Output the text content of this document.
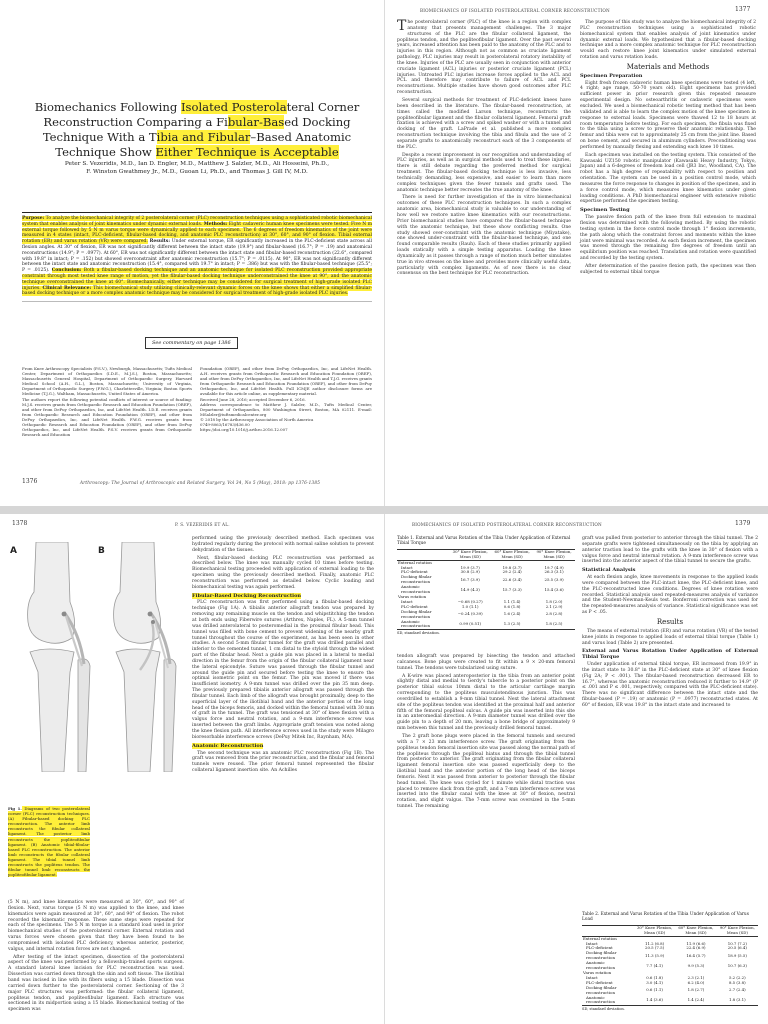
BIOMECHANICS OF ISOLATED POSTEROLATERAL CORNER RECONSTRUCTION	1377
Biomechanics Following Isolated Posterolateral Corner Reconstruction Comparing a Fibular-Based Docking Technique With a Tibia and Fibular–Based Anatomic Technique Show Either Technique is Acceptable
Peter S. Vezeridis, M.D., Ian D. Engler, M.D., Matthew J. Salzler, M.D., Ali Hosseini, Ph.D.,
F. Winston Gwathmey Jr., M.D., Guoan Li, Ph.D., and Thomas J. Gill IV, M.D.
Purpose: To analyze the biomechanical integrity of 2 posterolateral corner (PLC) reconstruction techniques using a sophisticated robotic biomechanical system that enables analysis of joint kinematics under dynamic external loads. Methods: Eight cadaveric human knee specimens were tested. Five N m external torque followed by 5 N m varus torque were dynamically applied to each specimen. The 6 degrees of freedom kinematics of the joint were measured in 4 states (intact, PLC-deficient, fibular-based docking, and anatomic PLC reconstruction) at 30°, 60°, and 90° of flexion. Tibial external rotation (ER) and varus rotation (VR) were compared. Results: Under external torque, ER significantly increased in the PLC-deficient state across all flexion angles. At 30° of flexion, ER was not significantly different between the intact state (19.9°) and fibular-based (16.7°; P = .19) and anatomical reconstructions (14.9°; P = .0977). At 60°, ER was not significantly different between the intact state and fibular-based reconstruction (22.6°, compared with 19.8° in intact; P = .152) but showed overconstraint after anatomic reconstruction (15.7°; P = .0115). At 90°, ER was not significantly different between the intact state and anatomic reconstruction (15.4°, compared with 19.7° in intact; P = .386) but was with the fibular-based technique (25.5°; P = .0125). Conclusion: Both a fibular-based docking technique and an anatomic technique for isolated PLC reconstruction provided appropriate constraint through most tested knee range of motion, yet the fibular-based docking technique underconstrained the knee at 90°, and the anatomic technique overconstrained the knee at 60°. Biomechanically, either technique may be considered for surgical treatment of high-grade isolated PLC injuries. Clinical Relevance: This biomechanical study utilizing clinically-relevant dynamic forces on the knee shows that either a simplified fibular-based docking technique or a more complex anatomic technique may be considered for surgical treatment of high-grade isolated PLC injuries.
See commentary on page 1386
From Knee Arthroscopy Specialists (P.S.V.), Newburgh, Massachusetts; Tufts Medical Center, Department of Orthopaedics (I.D.E., M.J.S.), Boston, Massachusetts; Massachusetts General Hospital, Department of Orthopaedic Surgery, Harvard Medical School (A.H., G.L.), Boston, Massachusetts; University of Virginia, Department of Orthopaedic Surgery (F.W.G.), Charlottesville, Virginia; Boston Sports Medicine (T.J.G.), Waltham, Massachusetts, United States of America.
The authors report the following potential conflicts of interest or source of funding: M.J.S. receives grants from Orthopaedic Research and Education Foundation (OREF), and other from DePuy Orthopaedics, Inc, and LifeNet Health. I.D.E. receives grants from Orthopaedic Research and Education Foundation (OREF), and other from DePuy Orthopaedics, Inc, and LifeNet Health. F.W.G. receives grants from Orthopaedic Research and Education Foundation (OREF), and other from DePuy Orthopaedics, Inc, and LifeNet Health. P.S.V. receives grants from Orthopaedic Research and Education
Foundation (OREF), and other from DePuy Orthopaedics, Inc, and LifeNet Health. A.H. receives grants from Orthopaedic Research and Education Foundation (OREF), and other from DePuy Orthopaedics, Inc, and LifeNet Health and T.J.G. receives grants from Orthopaedic Research and Education Foundation (OREF), and other from DePuy Orthopaedics, Inc, and LifeNet Health. Full ICMJE author disclosure forms are available for this article online, as supplementary material.
Received June 28, 2016; accepted December 6, 2016.
Address correspondence to Matthew J. Salzler, M.D., Tufts Medical Center, Department of Orthopaedics, 800 Washington Street, Boston, MA 02111. E-mail: MSalzler@tuftsmedicalcenter.org
© 2018 by the Arthroscopy Association of North America
0749-8063/16783/$36.00
https://doi.org/10.1016/j.arthro.2016.12.007
1376	Arthroscopy: The Journal of Arthroscopic and Related Surgery, Vol 34, No 5 (May), 2018: pp 1376-1385

The posterolateral corner (PLC) of the knee is a region with complex anatomy that presents management challenges. The 3 major structures of the PLC are the fibular collateral ligament, the popliteus tendon, and the popliteofibular ligament. Over the past several years, increased attention has been paid to the anatomy of the PLC and to injuries in this region. Although not as common as cruciate ligament pathology, PLC injuries may result in posterolateral rotatory instability of the knee. Injuries of the PLC are usually seen in conjunction with anterior cruciate ligament (ACL) injuries or posterior cruciate ligament (PCL) injuries. Untreated PLC injuries increase forces applied to the ACL and PCL and therefore may contribute to failure of ACL and PCL reconstructions. Multiple studies have shown good outcomes after PLC reconstruction.

Several surgical methods for treatment of PLC-deficient knees have been described in the literature. The fibular-based reconstruction, at times called the modified Larson technique, reconstructs the popliteofibular ligament and the fibular collateral ligament. Femoral graft fixation is achieved with a screw and spiked washer or with a tunnel and docking of the graft. LaPrade et al. published a more complex reconstruction technique involving the tibia and fibula and the use of 2 separate grafts to anatomically reconstruct each of the 3 components of the PLC.

Despite a recent improvement in our recognition and understanding of PLC injuries, as well as in surgical methods used to treat these injuries, there is still debate regarding the preferred method for surgical treatment. The fibular-based docking technique is less invasive, less technically demanding, less expensive, and easier to learn than more complex techniques given the fewer tunnels and grafts used. The anatomic technique better recreates the true anatomy of the knee.

There is need for further investigation of the in vitro biomechanical outcomes of these PLC reconstruction techniques. In such a complex anatomic area, biomechanical study is valuable to our understanding of how well we restore native knee kinematics with our reconstructions. Prior biomechanical studies have compared the fibular-based technique with the anatomic technique, but these show conflicting results. One study showed over-constraint with the anatomic technique (Miyatake), one showed under-constraint with the fibular-based technique, and one found comparable results (Rauh). Each of these studies primarily applied loads statically with a simple testing apparatus. Loading the knee dynamically as it passes through a range of motion much better simulates true in vivo stresses on the knee and provides more clinically useful data, particularly with complex ligaments. As of now there is no clear consensus on the best technique for PLC reconstruction.

The purpose of this study was to analyze the biomechanical integrity of 2 PLC reconstruction techniques using a sophisticated robotic biomechanical system that enables analysis of joint kinematics under dynamic external loads. We hypothesized that a fibular-based docking technique and a more complex anatomic technique for PLC reconstruction would each restore knee joint kinematics under simulated external rotation and varus rotation loads.

Materials and Methods
Specimen Preparation

Eight fresh frozen cadaveric human knee specimens were tested (4 left, 4 right; age range, 50-70 years old). Eight specimens has provided sufficient power in prior research given this repeated measure experimental design. No osteoarthritis or cadaveric specimens were excluded. We used a biomechanical robotic testing method that has been validated and is able to learn the complex motion of the knee specimen in response to external loads. Specimens were thawed 12 to 18 hours at room temperature before testing. For each specimen, the fibula was fixed to the tibia using a screw to preserve their anatomic relationship. The femur and tibia were cut to approximately 25 cm from the joint line. Based on bone cement, and secured in aluminum cylinders. Preconditioning was performed by manually flexing and extending each knee 10 times.

Each specimen was installed on the testing system. This consisted of the Kawasaki UZ150 robotic manipulator (Kawasaki Heavy Industry, Tokyo, Japan) and a 6-degrees of freedom load cell (JR3 Inc, Woodland, CA). The robot has a high degree of repeatability with respect to position and orientation. The system can be used in a position control mode, which measures the force response to changes in position of the specimen, and in a force control mode, which measures knee kinematics under given loading conditions. A PhD biomechanical engineer with extensive robotic expertise performed the specimen testing.

Specimen Testing

The passive flexion path of the knee from full extension to maximal flexion was determined with the following method. By using the robotic testing system in the force control mode through 1° flexion increments, the path along which the constraint forces and moments within the knee joint were minimal was recorded. As each flexion increment, the specimen was moved through the remaining five degrees of freedom until an equilibrium position was reached. Translation and rotation were quantified and recorded by the testing system.

After determination of the passive flexion path, the specimen was then subjected to external tibial torque

1378	P. S. VEZERIDIS ET AL.	BIOMECHANICS OF ISOLATED POSTEROLATERAL CORNER RECONSTRUCTION	1379
A	B
Fig 1. Diagrams of two posterolateral corner (PLC) reconstruction techniques. (A) Fibular-based docking PLC reconstruction. The anterior limb reconstructs the fibular collateral ligament. The posterior limb reconstructs the popliteofibular ligament. (B) Anatomic tibial-fibular-based PLC reconstruction. The anterior limb reconstructs the fibular collateral ligament. The tibial tunnel limb reconstructs the popliteus tendon. The fibular tunnel limb reconstructs the popliteofibular ligament.

(5 N m), and knee kinematics were measured at 30°, 60°, and 90° of flexion. Next, varus torque (5 N m) was applied to the knee, and knee kinematics were again measured at 30°, 60°, and 90° of flexion. The robot recorded the kinematic response. These same steps were repeated for each of the specimens. The 5 N m torque is a standard load used in prior biomechanical studies of the posterolateral corner. External rotation and varus forces were chosen given that they have been found to be compromised with isolated PLC deficiency, whereas anterior, posterior, valgus, and internal rotation forces are not changed.

After testing of the intact specimen, dissection of the posterolateral aspect of the knee was performed by a fellowship-trained sports surgeon. A standard lateral knee incision for PLC reconstruction was used. Dissection was carried down through the skin and soft tissue. The iliotibial band was incised in line with its fibers using a 15 blade. Dissection was carried down further to the posterolateral corner. Sectioning of the 3 major PLC structures was performed: the fibular collateral ligament, popliteus tendon, and popliteofibular ligament. Each structure was sectioned in its midportion using a 15 blade. Biomechanical testing of the specimen was

performed using the previously described method. Each specimen was hydrated regularly during the protocol with normal saline solution to prevent dehydration of the tissues.

Next, fibular-based docking PLC reconstruction was performed as described below. The knee was manually cycled 10 times before testing. Biomechanical testing proceeded with application of external loading to the specimen using the previously described method. Finally, anatomic PLC reconstruction was performed as detailed below. Cyclic loading and biomechanical testing was again performed.

Fibular-Based Docking Reconstruction

PLC reconstruction was first performed using a fibular-based docking technique (Fig 1A). A tibialis anterior allograft tendon was prepared by removing any remaining muscle on the tendon and whipstitching the tendon at both ends using Fiberwire sutures (Arthrex, Naples, FL). A 5-mm tunnel was drilled anterolateral to posteromedial in the proximal fibular head. This tunnel was filled with bone cement to prevent widening of the nearby graft tunnel throughout the course of the experiment, as has been seen in other studies. A second 5-mm fibular tunnel for the graft was drilled parallel and inferior to the cemented tunnel, 1 cm distal to the styloid through the widest part of the fibular head. Next a guide pin was placed in a lateral to medial direction in the femur from the origin of the fibular collateral ligament near the lateral epicondyle. Suture was passed through the fibular tunnel and around the guide pin and secured before testing the knee to ensure the optimal isometric point on the femur. The pin was moved if there was insufficient isometry. A 9-mm tunnel was drilled over the pin 35 mm deep. The previously prepared tibialis anterior allograft was passed through the fibular tunnel. Each limb of the allograft was brought proximally, deep to the superficial layer of the iliotibial band and the anterior portion of the long head of the biceps femoris, and docked within the femoral tunnel with 30 mm of graft in the tunnel. The graft was tensioned at 30° of knee flexion with a valgus force and neutral rotation, and a 9-mm interference screw was inserted between the graft limbs. Appropriate graft tension was noted along the knee flexion path. All interference screws used in the study were Milagro bioresorbable interference screws (DePuy Mitek Inc, Raynham, MA).

Anatomic Reconstruction

The second technique was an anatomic PLC reconstruction (Fig 1B). The graft was removed from the prior reconstruction, and the fibular and femoral tunnels were reused. The prior femoral tunnel represented the fibular collateral ligament insertion site. An Achilles

Table 1. External and Varus Rotation of the Tibia Under Application of External Tibial Torque
	30° Knee Flexion, Mean (SD)	60° Knee Flexion, Mean (SD)	90° Knee Flexion, Mean (SD)
External rotation			
Intact	19.9 (3.7)	19.8 (3.7)	19.7 (4.9)
PLC-deficient	30.8 (2.9)	29.2 (2.4)	26.3 (3.1)
Docking fibular reconstruction	16.7 (3.9)	22.6 (3.4)	25.5 (3.9)
Anatomic reconstruction	14.9 (4.3)	15.7 (3.3)	15.4 (3.6)
Varus rotation			
Intact	−0.68 (0.27)	1.1 (1.4)	1.8 (2.0)
PLC-deficient	1.0 (1.1)	0.6 (1.8)	2.1 (2.9)
Docking fibular reconstruction	−0.24 (0.39)	1.6 (2.4)	2.8 (2.8)
Anatomic reconstruction	0.99 (0.51)	1.3 (2.5)	1.8 (2.5)
SD, standard deviation.

tendon allograft was prepared by bisecting the tendon and attached calcaneus. Bone plugs were created to fit within a 9 × 20-mm femoral tunnel. The tendons were tubularized using suture.

A K-wire was placed anteroposterior in the tibia from an anterior point slightly distal and medial to Gerdy's tubercle to a posterior point on the posterior tibial sulcus 10mm distal to the articular cartilage margin corresponding to the popliteus musculotendinous junction. This was overdrilled to establish a 9-mm tibial tunnel. Next the lateral attachment site of the popliteus tendon was identified at the proximal half and anterior fifth of the femoral popliteal sulcus. A guide pin was inserted into this site in an anteromedial direction. A 9-mm diameter tunnel was drilled over the guide pin to a depth of 20 mm, leaving a bone bridge of approximately 9 mm between this tunnel and the previously drilled femoral tunnel.

The 2 graft bone plugs were placed in the femoral tunnels and secured with a 7 × 23 mm interference screw. The graft originating from the popliteus tendon femoral insertion site was passed along the normal path of the popliteus through the popliteal hiatus and through the tibial tunnel from posterior to anterior. The graft originating from the fibular collateral ligament femoral insertion site was passed superficially deep to the iliotibial band and the anterior portion of the long head of the biceps femoris. Next it was passed from anterior to posterior through the fibular head tunnel. The knee was cycled for 1 minute while distal traction was placed to remove slack from the graft, and a 7-mm interference screw was inserted into the fibular canal with the knee at 30° of flexion, neutral rotation, and slight valgus. The 7-mm screw was oversized in the 5-mm tunnel. The remaining

graft was pulled from posterior to anterior through the tibial tunnel. The 2 separate grafts were tightened simultaneously on the tibia by applying an anterior traction load to the grafts with the knee in 30° of flexion with a valgus force and neutral internal rotation. A 9-mm interference screw was inserted into the anterior aspect of the tibial tunnel to secure the grafts.

Statistical Analysis

At each flexion angle, knee movements in response to the applied loads were compared between the PLC-intact knee, the PLC-deficient knee, and the PLC-reconstructed knee conditions. Degrees of knee rotation were recorded. Statistical analysis used repeated-measures analysis of variance and the Student-Newman-Keuls test. Bonferroni correction was used for the repeated-measures analysis of variance. Statistical significance was set as P < .05.

Results

The means of external rotation (ER) and varus rotation (VR) of the tested knee joints in response to applied loads of external tibial torque (Table 1) and varus load (Table 2) are presented.

External and Varus Rotation Under Application of External Tibial Torque

Under application of external tibial torque, ER increased from 19.9° in the intact state to 30.8° in the PLC-deficient state at 30° of knee flexion (Fig 2A; P < .001). The fibular-based reconstruction decreased ER to 16.7°, whereas the anatomic reconstruction reduced it further to 14.9° (P ≤ .001 and P ≤ .001, respectively, compared with the PLC-deficient state). There was no significant difference between the intact state and the fibular-based (P = .19) or anatomic (P = .0977) reconstructed states. At 60° of flexion, ER was 19.8° in the intact state and increased to

Table 2. External and Varus Rotation of the Tibia Under Application of Varus Load
	30° Knee Flexion, Mean (SD)	60° Knee Flexion, Mean (SD)	90° Knee Flexion, Mean (SD)
External rotation			
Intact	11.2 (6.8)	11.9 (6.6)	10.7 (7.2)
PLC-deficient	20.5 (7.5)	22.4 (6.9)	20.5 (6.4)
Docking fibular reconstruction	11.3 (5.9)	16.4 (5.7)	18.9 (5.5)
Anatomic reconstruction	7.7 (4.1)	9.9 (5.3)	10.7 (6.3)
Varus rotation			
Intact	0.6 (1.8)	2.3 (2.1)	5.2 (2.2)
PLC-deficient	3.0 (4.1)	6.2 (4.0)	8.5 (3.8)
Docking fibular reconstruction	0.6 (1.1)	1.8 (2.7)	2.7 (2.4)
Anatomic reconstruction	1.4 (3.6)	1.4 (2.4)	1.8 (3.1)
SD, standard deviation.
